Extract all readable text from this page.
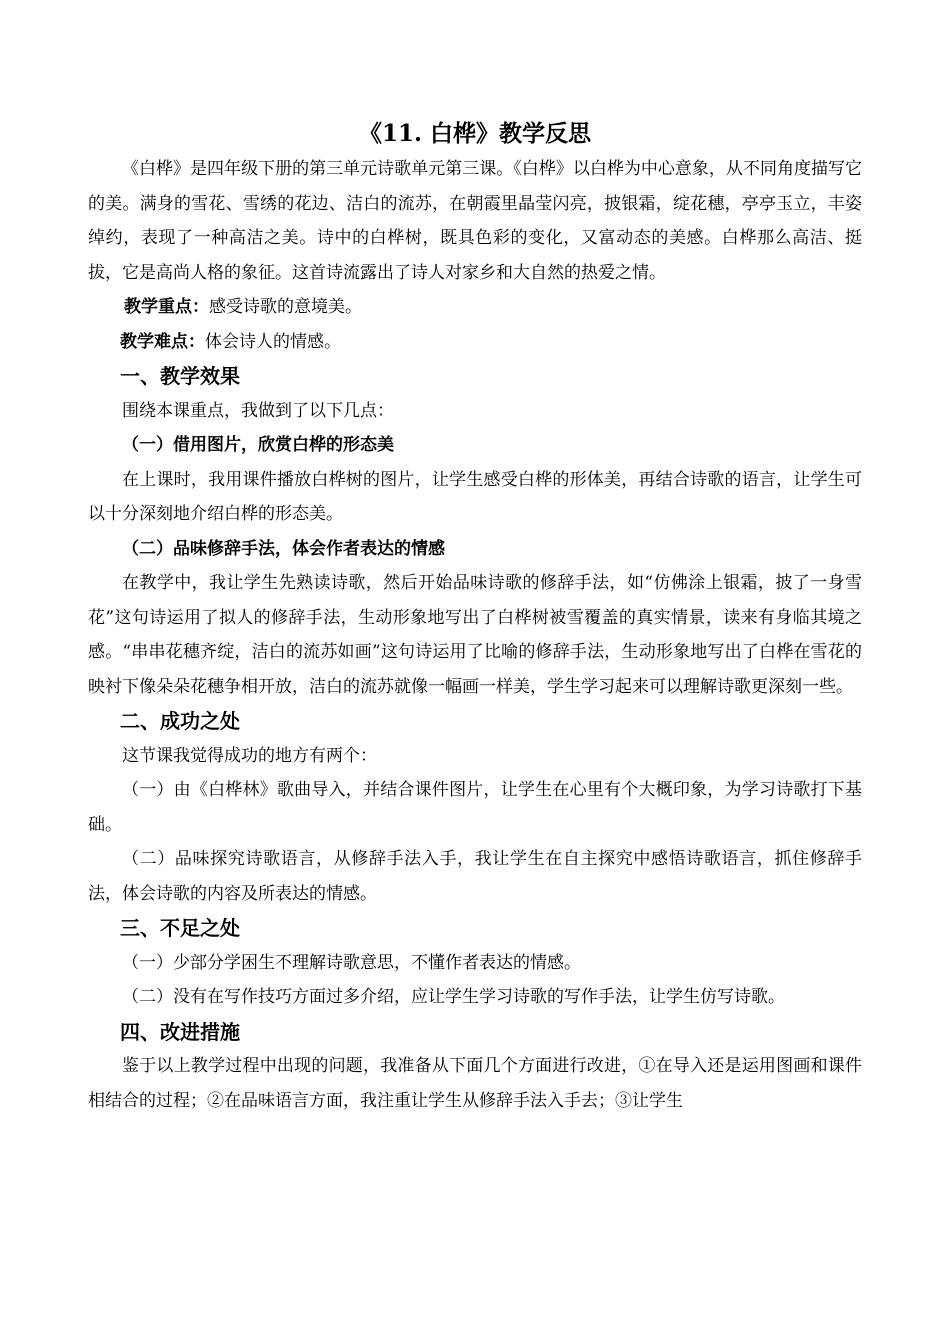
《11. 白桦》教学反思

《白桦》是四年级下册的第三单元诗歌单元第三课。《白桦》以白桦为中心意象，从不同角度描写它的美。满身的雪花、雪绣的花边、洁白的流苏，在朝霞里晶莹闪亮，披银霜，绽花穗，亭亭玉立，丰姿绰约，表现了一种高洁之美。诗中的白桦树，既具色彩的变化，又富动态的美感。白桦那么高洁、挺拔，它是高尚人格的象征。这首诗流露出了诗人对家乡和大自然的热爱之情。

教学重点：感受诗歌的意境美。

教学难点：体会诗人的情感。

一、教学效果

围绕本课重点，我做到了以下几点：

（一）借用图片，欣赏白桦的形态美

在上课时，我用课件播放白桦树的图片，让学生感受白桦的形体美，再结合诗歌的语言，让学生可以十分深刻地介绍白桦的形态美。

（二）品味修辞手法，体会作者表达的情感

在教学中，我让学生先熟读诗歌，然后开始品味诗歌的修辞手法，如“仿佛涂上银霜，披了一身雪花”这句诗运用了拟人的修辞手法，生动形象地写出了白桦树被雪覆盖的真实情景，读来有身临其境之感。“串串花穗齐绽，洁白的流苏如画”这句诗运用了比喻的修辞手法，生动形象地写出了白桦在雪花的映衬下像朵朵花穗争相开放，洁白的流苏就像一幅画一样美，学生学习起来可以理解诗歌更深刻一些。

二、成功之处

这节课我觉得成功的地方有两个：

（一）由《白桦林》歌曲导入，并结合课件图片，让学生在心里有个大概印象，为学习诗歌打下基础。

（二）品味探究诗歌语言，从修辞手法入手，我让学生在自主探究中感悟诗歌语言，抓住修辞手法，体会诗歌的内容及所表达的情感。

三、不足之处

（一）少部分学困生不理解诗歌意思，不懂作者表达的情感。

（二）没有在写作技巧方面过多介绍，应让学生学习诗歌的写作手法，让学生仿写诗歌。

四、改进措施

鉴于以上教学过程中出现的问题，我准备从下面几个方面进行改进，①在导入还是运用图画和课件相结合的过程；②在品味语言方面，我注重让学生从修辞手法入手去；③让学生
